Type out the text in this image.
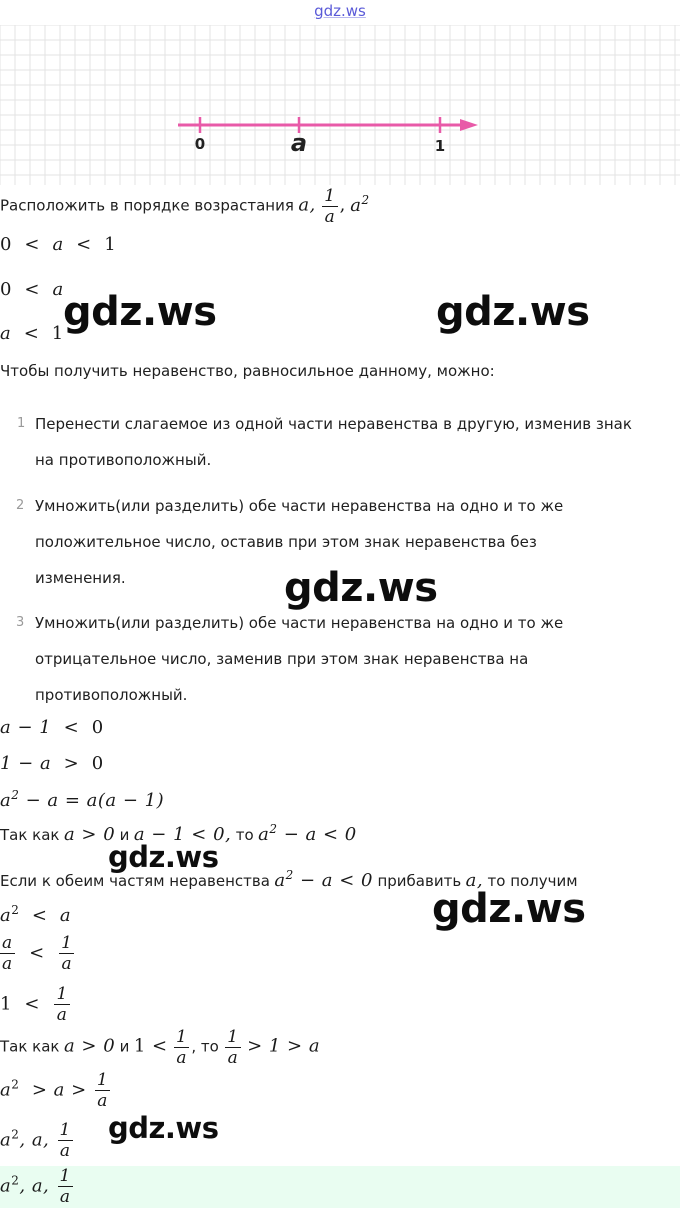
gdz.ws
0	a	1
Расположить в порядке возрастания a, $\frac{1}{a}$ , $a^2$
0 < a < 1
0 < a
a < 1
Чтобы получить неравенство, равносильное данному, можно:
1 Перенести слагаемое из одной части неравенства в другую, изменив знак
на противоположный.
2 Умножить(или разделить) обе части неравенства на одно и то же
положительное число, оставив при этом знак неравенства без
изменения.
3 Умножить(или разделить) обе части неравенства на одно и то же
отрицательное число, заменив при этом знак неравенства на
противоположный.
a − 1 < 0
1 − a > 0
$a^2 - a = a(a - 1)$
Так как a > 0 и a − 1 < 0, то $a^2 - a < 0$
Если к обеим частям неравенства $a^2 - a < 0$ прибавить a, то получим
$a^2 < a$
$\frac{a}{a} < \frac{1}{a}$
$1 < \frac{1}{a}$
Так как a > 0 и $1 < \frac{1}{a}$ , то $\frac{1}{a} > 1 > a$
$a^2 > a > \frac{1}{a}$
$a^2$, a, $\frac{1}{a}$
$a^2$, a, $\frac{1}{a}$
gdz.ws	gdz.ws
gdz.ws
gdz.ws
gdz.ws
gdz.ws
